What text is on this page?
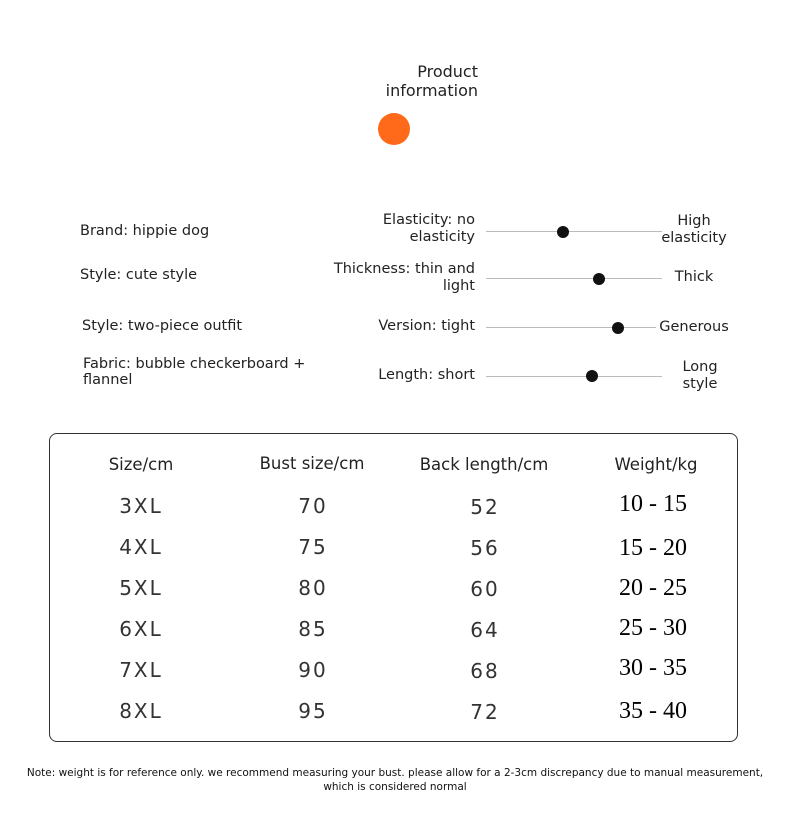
Product
information
Brand: hippie dog
Style: cute style
Style: two-piece outfit
Fabric: bubble checkerboard + flannel
Elasticity: no
elasticity
High
elasticity
Thickness: thin and
light
Thick
Version: tight	Generous
Length: short	Long
style
Size/cm	Bust size/cm	Back length/cm	Weight/kg
3XL	70	52	10 - 15
4XL	75	56	15 - 20
5XL	80	60	20 - 25
6XL	85	64	25 - 30
7XL	90	68	30 - 35
8XL	95	72	35 - 40
Note: weight is for reference only. we recommend measuring your bust. please allow for a 2-3cm discrepancy due to manual measurement,
which is considered normal
